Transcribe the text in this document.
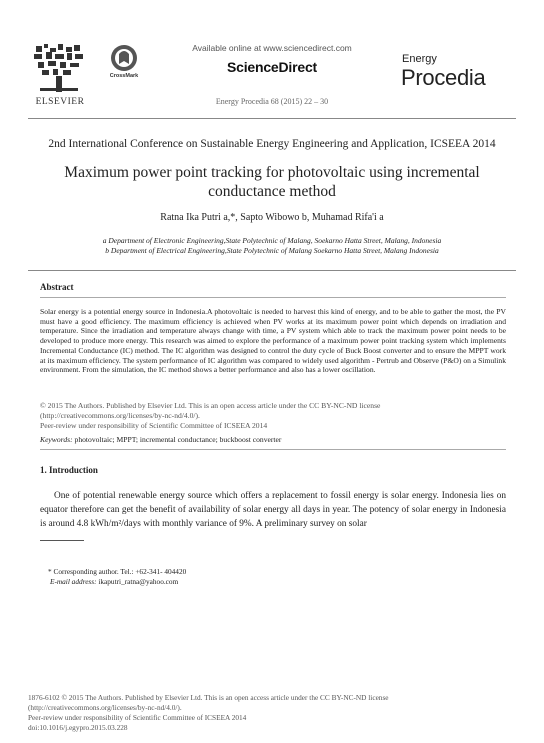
ELSEVIER
CrossMark
Available online at www.sciencedirect.com
ScienceDirect
Energy Procedia 68 (2015) 22 – 30
Energy
Procedia
2nd International Conference on Sustainable Energy Engineering and Application, ICSEEA 2014
Maximum power point tracking for photovoltaic using incremental conductance method
Ratna Ika Putri a,*, Sapto Wibowo b, Muhamad Rifa'i a
a Department of Electronic Engineering,State Polytechnic of Malang, Soekarno Hatta Street, Malang, Indonesia
b Department of Electrical Engineering,State Polytechnic of Malang Soekarno Hatta Street, Malang Indonesia
Abstract
Solar energy is a potential energy source in Indonesia.A photovoltaic is needed to harvest this kind of energy, and to be able to gather the most, the PV must have a good efficiency. The maximum efficiency is achieved when PV works at its maximum power point which depends on irradiation and temperature. Since the irradiation and temperature always change with time, a PV system which able to track the maximum power point needs to be developed to produce more energy. This research was aimed to explore the performance of a maximum power point tracking system which implements Incremental Conductance (IC) method. The IC algorithm was designed to control the duty cycle of Buck Boost converter and to ensure the MPPT work at its maximum efficiency. The system performance of IC algorithm was compared to widely used algorithm - Pertrub and Observe (P&O) on a Simulink environment. From the simulation, the IC method shows a better performance and also has a lower oscillation.
© 2015 The Authors. Published by Elsevier Ltd. This is an open access article under the CC BY-NC-ND license
(http://creativecommons.org/licenses/by-nc-nd/4.0/).
Peer-review under responsibility of Scientific Committee of ICSEEA 2014
Keywords: photovoltaic; MPPT; incremental conductance; buckboost converter
1. Introduction
One of potential renewable energy source which offers a replacement to fossil energy is solar energy. Indonesia lies on equator therefore can get the benefit of availability of solar energy all days in year. The potency of solar energy in Indonesia is around 4.8 kWh/m²/days with monthly variance of 9%. A preliminary survey on solar
* Corresponding author. Tel.: +62-341- 404420
E-mail address: ikaputri_ratna@yahoo.com
1876-6102 © 2015 The Authors. Published by Elsevier Ltd. This is an open access article under the CC BY-NC-ND license
(http://creativecommons.org/licenses/by-nc-nd/4.0/).
Peer-review under responsibility of Scientific Committee of ICSEEA 2014
doi:10.1016/j.egypro.2015.03.228
